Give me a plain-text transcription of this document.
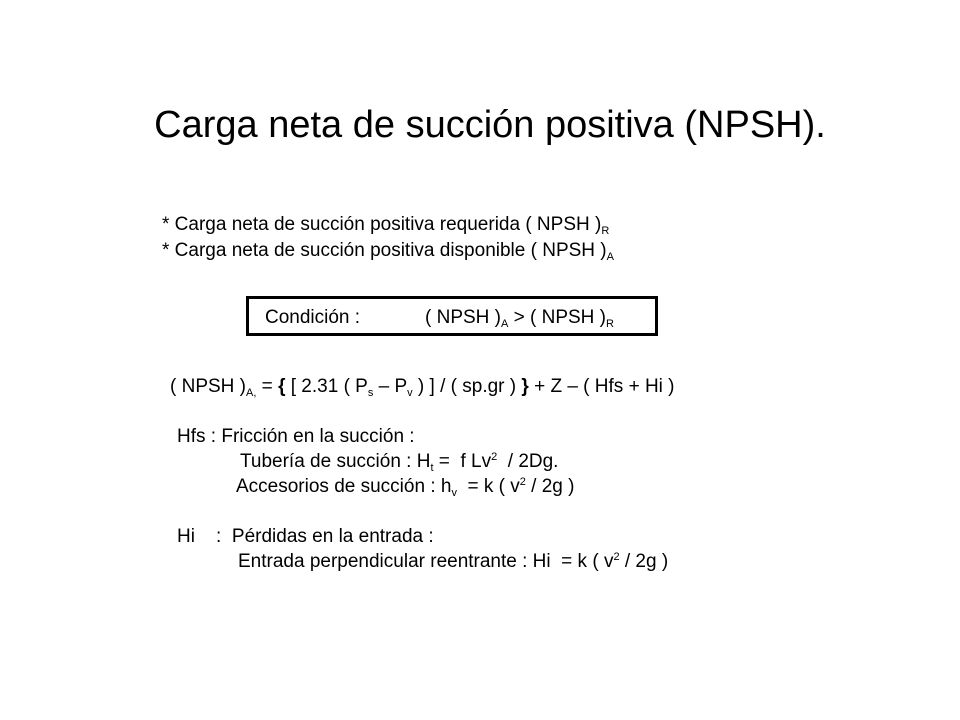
Carga neta de succión positiva (NPSH).
* Carga neta de succión positiva requerida ( NPSH )$_R$
* Carga neta de succión positiva disponible ( NPSH )$_A$
Condición :	( NPSH )$_A$ > ( NPSH )$_R$
( NPSH )$_{A,}$ = { [ 2.31 ( $P_s - P_v$ ) ] / ( sp.gr ) } + Z – ( Hfs + Hi )
Hfs : Fricción en la succión :
Tubería de succión : $H_t = f$ Lv$^2$  / 2Dg.
Accesorios de succión : $h_v = k$ ( $v^2 / 2g$ )
Hi    :  Pérdidas en la entrada :
Entrada perpendicular reentrante : Hi  = k ( $v^2 / 2g$ )
